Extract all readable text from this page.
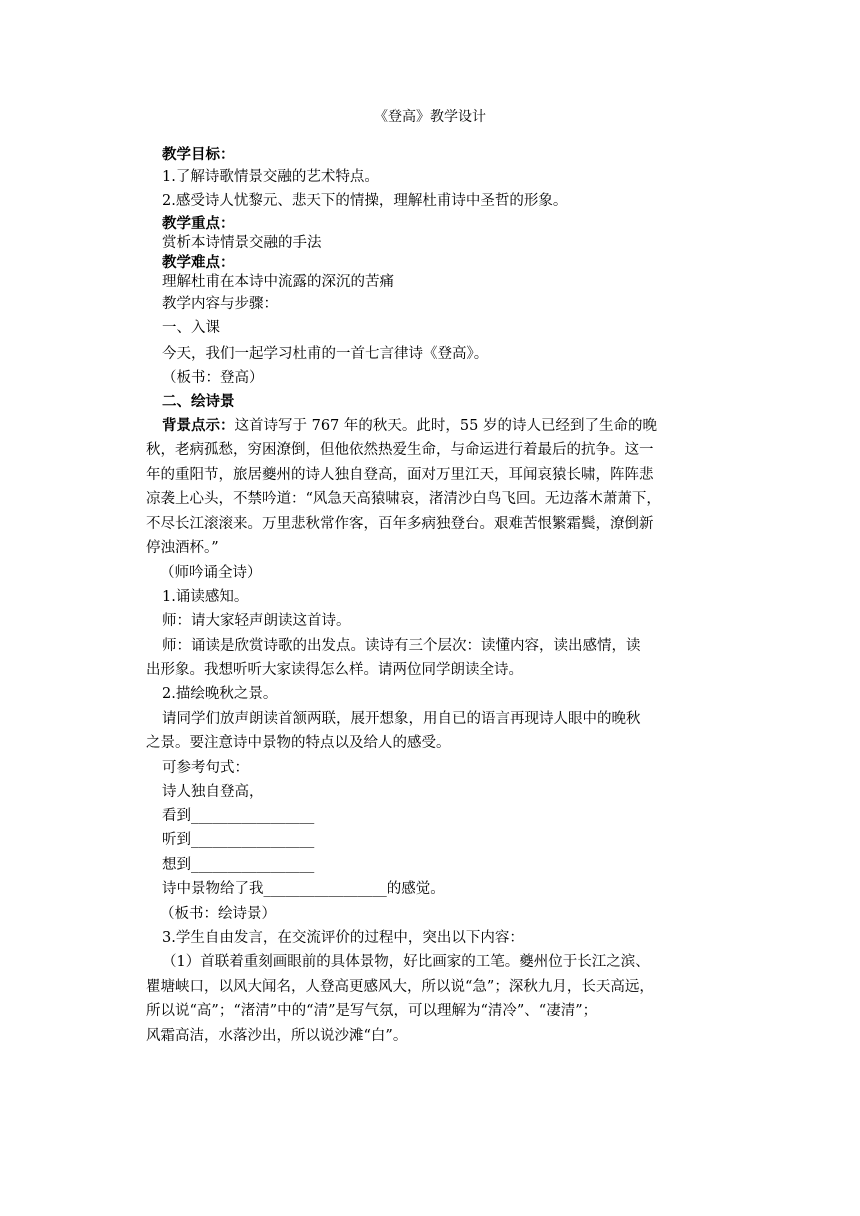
《登高》教学设计
教学目标：
1.了解诗歌情景交融的艺术特点。
2.感受诗人忧黎元、悲天下的情操，理解杜甫诗中圣哲的形象。
教学重点：
赏析本诗情景交融的手法
教学难点：
理解杜甫在本诗中流露的深沉的苦痛
教学内容与步骤：
一、入课
今天，我们一起学习杜甫的一首七言律诗《登高》。
（板书：登高）
二、绘诗景
背景点示：这首诗写于 767 年的秋天。此时，55 岁的诗人已经到了生命的晚
秋，老病孤愁，穷困潦倒，但他依然热爱生命，与命运进行着最后的抗争。这一
年的重阳节，旅居夔州的诗人独自登高，面对万里江天，耳闻哀猿长啸，阵阵悲
凉袭上心头，不禁吟道：“风急天高猿啸哀，渚清沙白鸟飞回。无边落木萧萧下，
不尽长江滚滚来。万里悲秋常作客，百年多病独登台。艰难苦恨繁霜鬓，潦倒新
停浊酒杯。”
（师吟诵全诗）
1.诵读感知。
师：请大家轻声朗读这首诗。
师：诵读是欣赏诗歌的出发点。读诗有三个层次：读懂内容，读出感情，读
出形象。我想听听大家读得怎么样。请两位同学朗读全诗。
2.描绘晚秋之景。
请同学们放声朗读首颔两联，展开想象，用自已的语言再现诗人眼中的晚秋
之景。要注意诗中景物的特点以及给人的感受。
可参考句式：
诗人独自登高，
看到_________________
听到_________________
想到_________________
诗中景物给了我_________________的感觉。
（板书：绘诗景）
3.学生自由发言，在交流评价的过程中，突出以下内容：
（1）首联着重刻画眼前的具体景物，好比画家的工笔。夔州位于长江之滨、
瞿塘峡口，以风大闻名，人登高更感风大，所以说“急”；深秋九月，长天高远，
所以说“高”；“渚清”中的“清”是写气氛，可以理解为“清冷”、“凄清”；
风霜高洁，水落沙出，所以说沙滩“白”。
